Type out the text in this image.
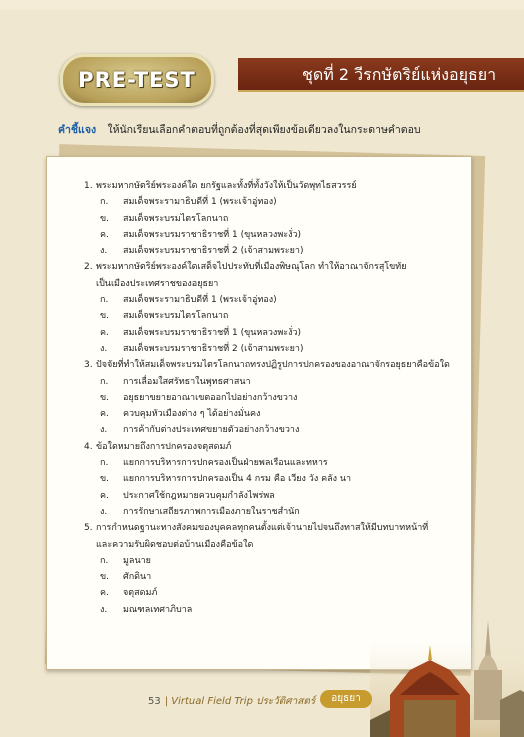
PRE-TEST	ชุดที่ 2 วีรกษัตริย์แห่งอยุธยา
คำชี้แจง ให้นักเรียนเลือกคำตอบที่ถูกต้องที่สุดเพียงข้อเดียวลงในกระดาษคำตอบ
1. พระมหากษัตริย์พระองค์ใด ยกรัฐและทั้งที่ทั้งวังให้เป็นวัดพุทไธสวรรย์
ก.	สมเด็จพระรามาธิบดีที่ 1 (พระเจ้าอู่ทอง)
ข.	สมเด็จพระบรมไตรโลกนาถ
ค.	สมเด็จพระบรมราชาธิราชที่ 1 (ขุนหลวงพะงั่ว)
ง.	สมเด็จพระบรมราชาธิราชที่ 2 (เจ้าสามพระยา)
2. พระมหากษัตริย์พระองค์ใดเสด็จไปประทับที่เมืองพิษณุโลก ทำให้อาณาจักรสุโขทัย
เป็นเมืองประเทศราชของอยุธยา
ก.	สมเด็จพระรามาธิบดีที่ 1 (พระเจ้าอู่ทอง)
ข.	สมเด็จพระบรมไตรโลกนาถ
ค.	สมเด็จพระบรมราชาธิราชที่ 1 (ขุนหลวงพะงั่ว)
ง.	สมเด็จพระบรมราชาธิราชที่ 2 (เจ้าสามพระยา)
3. ปัจจัยที่ทำให้สมเด็จพระบรมไตรโลกนาถทรงปฏิรูปการปกครองของอาณาจักรอยุธยาคือข้อใด
ก.	การเลื่อมใสศรัทธาในพุทธศาสนา
ข.	อยุธยาขยายอาณาเขตออกไปอย่างกว้างขวาง
ค.	ควบคุมหัวเมืองต่าง ๆ ได้อย่างมั่นคง
ง.	การค้ากับต่างประเทศขยายตัวอย่างกว้างขวาง
4. ข้อใดหมายถึงการปกครองจตุสดมภ์
ก.	แยกการบริหารการปกครองเป็นฝ่ายพลเรือนและทหาร
ข.	แยกการบริหารการปกครองเป็น 4 กรม คือ เวียง วัง คลัง นา
ค.	ประกาศใช้กฎหมายควบคุมกำลังไพร่พล
ง.	การรักษาเสถียรภาพการเมืองภายในราชสำนัก
5. การกำหนดฐานะทางสังคมของบุคคลทุกคนตั้งแต่เจ้านายไปจนถึงทาสให้มีบทบาทหน้าที่
และความรับผิดชอบต่อบ้านเมืองคือข้อใด
ก.	มูลนาย
ข.	ศักดินา
ค.	จตุสดมภ์
ง.	มณฑลเทศาภิบาล
53 | Virtual Field Trip ประวัติศาสตร์	อยุธยา
